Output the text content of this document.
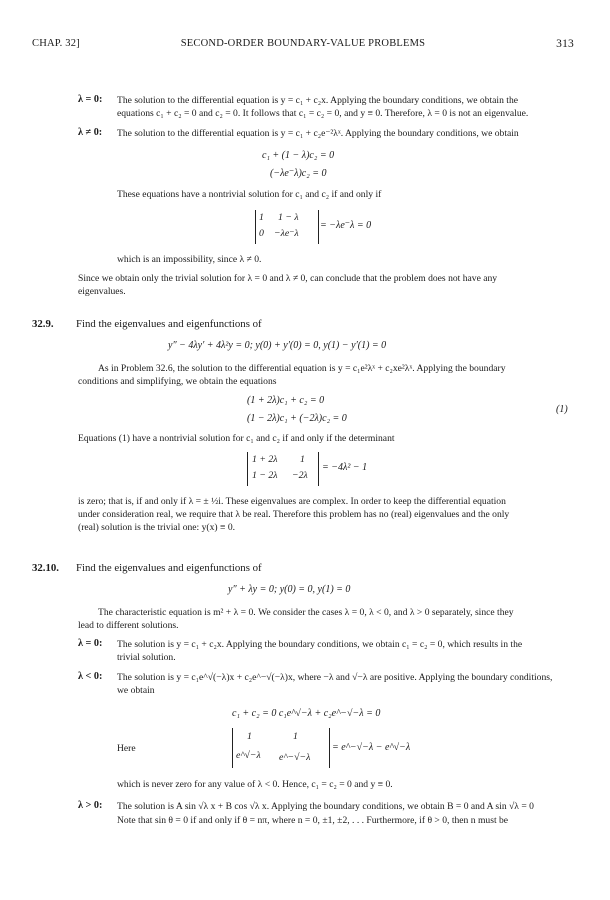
CHAP. 32]	SECOND-ORDER BOUNDARY-VALUE PROBLEMS	313
λ = 0: The solution to the differential equation is y = c₁ + c₂x. Applying the boundary conditions, we obtain the
equations c₁ + c₂ = 0 and c₂ = 0. It follows that c₁ = c₂ = 0, and y ≡ 0. Therefore, λ = 0 is not an eigenvalue.
λ ≠ 0: The solution to the differential equation is y = c₁ + c₂e⁻²λˣ. Applying the boundary conditions, we obtain
c₁ + (1 − λ)c₂ = 0
(−λe⁻λ)c₂ = 0
These equations have a nontrivial solution for c₁ and c₂ if and only if
1 1 − λ
0 −λe⁻λ
= −λe⁻λ = 0
which is an impossibility, since λ ≠ 0.
Since we obtain only the trivial solution for λ = 0 and λ ≠ 0, can conclude that the problem does not have any
eigenvalues.
32.9. Find the eigenvalues and eigenfunctions of
y″ − 4λy′ + 4λ²y = 0; y(0) + y′(0) = 0, y(1) − y′(1) = 0
As in Problem 32.6, the solution to the differential equation is y = c₁e²λˣ + c₂xe²λˣ. Applying the boundary
conditions and simplifying, we obtain the equations
(1 + 2λ)c₁ + c₂ = 0
(1 − 2λ)c₁ + (−2λ)c₂ = 0
(1)
Equations (1) have a nontrivial solution for c₁ and c₂ if and only if the determinant
1 + 2λ 1
1 − 2λ −2λ
= −4λ² − 1
is zero; that is, if and only if λ = ± ½i. These eigenvalues are complex. In order to keep the differential equation
under consideration real, we require that λ be real. Therefore this problem has no (real) eigenvalues and the only
(real) solution is the trivial one: y(x) ≡ 0.
32.10. Find the eigenvalues and eigenfunctions of
y″ + λy = 0; y(0) = 0, y(1) = 0
The characteristic equation is m² + λ = 0. We consider the cases λ = 0, λ < 0, and λ > 0 separately, since they
lead to different solutions.
λ = 0: The solution is y = c₁ + c₂x. Applying the boundary conditions, we obtain c₁ = c₂ = 0, which results in the
trivial solution.
λ < 0: The solution is y = c₁e^√(−λ)x + c₂e^−√(−λ)x, where −λ and √−λ are positive. Applying the boundary conditions,
we obtain
c₁ + c₂ = 0 c₁e^√−λ + c₂e^−√−λ = 0
Here
1	1
e^√−λ e^−√−λ
= e^−√−λ − e^√−λ
which is never zero for any value of λ < 0. Hence, c₁ = c₂ = 0 and y ≡ 0.
λ > 0: The solution is A sin √λ x + B cos √λ x. Applying the boundary conditions, we obtain B = 0 and A sin √λ = 0
Note that sin θ = 0 if and only if θ = nπ, where n = 0, ±1, ±2, . . . Furthermore, if θ > 0, then n must be
